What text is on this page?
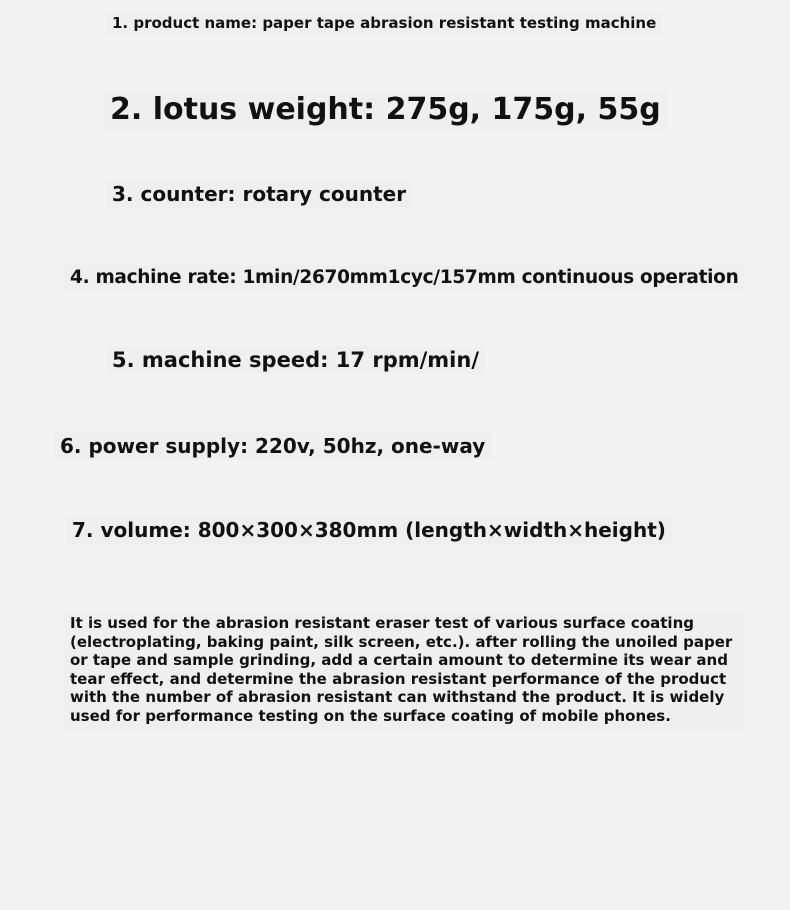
1. product name: paper tape abrasion resistant testing machine
2. lotus weight: 275g, 175g, 55g
3. counter: rotary counter
4. machine rate: 1min/2670mm1cyc/157mm continuous operation
5. machine speed: 17 rpm/min/
6. power supply: 220v, 50hz, one-way
7. volume: 800×300×380mm (length×width×height)
It is used for the abrasion resistant eraser test of various surface coating (electroplating, baking paint, silk screen, etc.). after rolling the unoiled paper or tape and sample grinding, add a certain amount to determine its wear and tear effect, and determine the abrasion resistant performance of the product with the number of abrasion resistant can withstand the product. It is widely used for performance testing on the surface coating of mobile phones.
